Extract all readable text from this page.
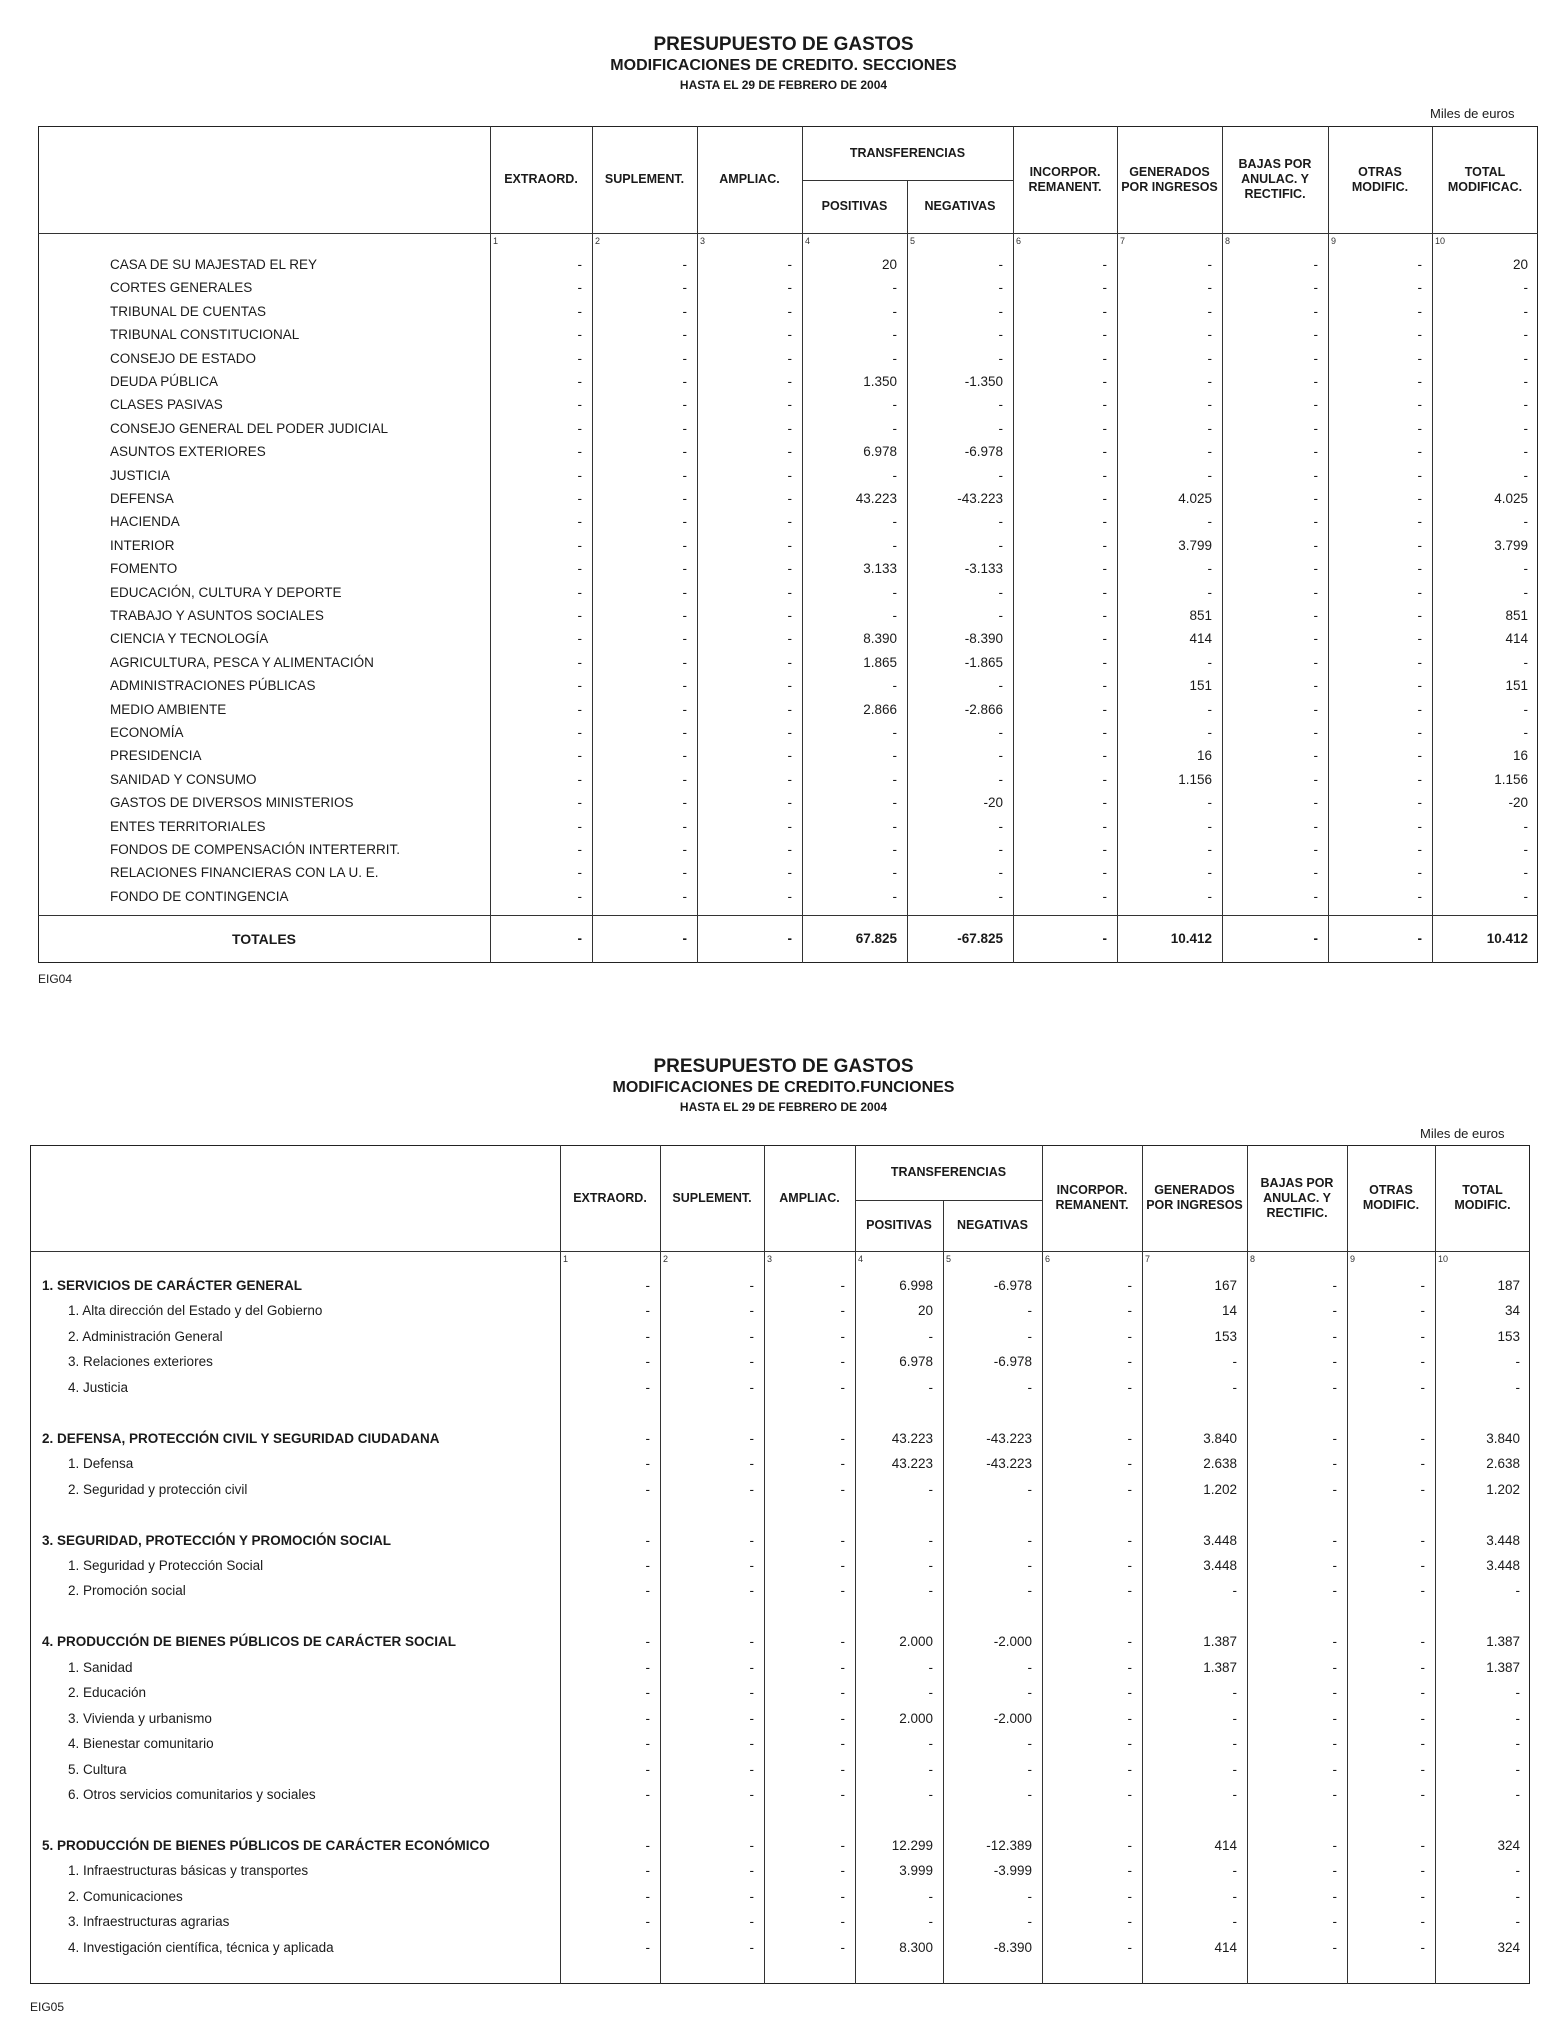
PRESUPUESTO DE GASTOS
MODIFICACIONES DE CREDITO. SECCIONES
HASTA EL 29 DE FEBRERO DE 2004
Miles de euros
EXTRAORD.	SUPLEMENT.	AMPLIAC.
TRANSFERENCIAS
POSITIVAS	NEGATIVAS
INCORPOR. REMANENT.
GENERADOS POR INGRESOS
BAJAS POR ANULAC. Y RECTIFIC.
OTRAS MODIFIC.
TOTAL MODIFICAC.
1	2	3	4	5	6	7	8	9	10
CASA DE SU MAJESTAD EL REY	-	-	-	20	-	-	-	-	-	20
CORTES GENERALES	-	-	-	-	-	-	-	-	-	-
TRIBUNAL DE CUENTAS	-	-	-	-	-	-	-	-	-	-
TRIBUNAL CONSTITUCIONAL	-	-	-	-	-	-	-	-	-	-
CONSEJO DE ESTADO	-	-	-	-	-	-	-	-	-	-
DEUDA PÚBLICA	-	-	-	1.350	-1.350	-	-	-	-	-
CLASES PASIVAS	-	-	-	-	-	-	-	-	-	-
CONSEJO GENERAL DEL PODER JUDICIAL	-	-	-	-	-	-	-	-	-	-
ASUNTOS EXTERIORES	-	-	-	6.978	-6.978	-	-	-	-	-
JUSTICIA	-	-	-	-	-	-	-	-	-	-
DEFENSA	-	-	-	43.223	-43.223	-	4.025	-	-	4.025
HACIENDA	-	-	-	-	-	-	-	-	-	-
INTERIOR	-	-	-	-	-	-	3.799	-	-	3.799
FOMENTO	-	-	-	3.133	-3.133	-	-	-	-	-
EDUCACIÓN, CULTURA Y DEPORTE	-	-	-	-	-	-	-	-	-	-
TRABAJO Y ASUNTOS SOCIALES	-	-	-	-	-	-	851	-	-	851
CIENCIA Y TECNOLOGÍA	-	-	-	8.390	-8.390	-	414	-	-	414
AGRICULTURA, PESCA Y ALIMENTACIÓN	-	-	-	1.865	-1.865	-	-	-	-	-
ADMINISTRACIONES PÚBLICAS	-	-	-	-	-	-	151	-	-	151
MEDIO AMBIENTE	-	-	-	2.866	-2.866	-	-	-	-	-
ECONOMÍA	-	-	-	-	-	-	-	-	-	-
PRESIDENCIA	-	-	-	-	-	-	16	-	-	16
SANIDAD Y CONSUMO	-	-	-	-	-	-	1.156	-	-	1.156
GASTOS DE DIVERSOS MINISTERIOS	-	-	-	-	-20	-	-	-	-	-20
ENTES TERRITORIALES	-	-	-	-	-	-	-	-	-	-
FONDOS DE COMPENSACIÓN INTERTERRIT.	-	-	-	-	-	-	-	-	-	-
RELACIONES FINANCIERAS CON LA U. E.	-	-	-	-	-	-	-	-	-	-
FONDO DE CONTINGENCIA	-	-	-	-	-	-	-	-	-	-
TOTALES	-	-	-	67.825	-67.825	-	10.412	-	-	10.412
EIG04
PRESUPUESTO DE GASTOS
MODIFICACIONES DE CREDITO.FUNCIONES
HASTA EL 29 DE FEBRERO DE 2004
Miles de euros
EXTRAORD.	SUPLEMENT.	AMPLIAC.
TRANSFERENCIAS
POSITIVAS	NEGATIVAS
INCORPOR. REMANENT.
GENERADOS POR INGRESOS
BAJAS POR ANULAC. Y RECTIFIC.
OTRAS MODIFIC.
TOTAL MODIFIC.
1	2	3	4	5	6	7	8	9	10
1. SERVICIOS DE CARÁCTER GENERAL	-	-	-	6.998	-6.978	-	167	-	-	187
1. Alta dirección del Estado y del Gobierno	-	-	-	20	-	-	14	-	-	34
2. Administración General	-	-	-	-	-	-	153	-	-	153
3. Relaciones exteriores	-	-	-	6.978	-6.978	-	-	-	-	-
4. Justicia	-	-	-	-	-	-	-	-	-	-
2. DEFENSA, PROTECCIÓN CIVIL Y SEGURIDAD CIUDADANA	-	-	-	43.223	-43.223	-	3.840	-	-	3.840
1. Defensa	-	-	-	43.223	-43.223	-	2.638	-	-	2.638
2. Seguridad y protección civil	-	-	-	-	-	-	1.202	-	-	1.202
3. SEGURIDAD, PROTECCIÓN Y PROMOCIÓN SOCIAL	-	-	-	-	-	-	3.448	-	-	3.448
1. Seguridad y Protección Social	-	-	-	-	-	-	3.448	-	-	3.448
2. Promoción social	-	-	-	-	-	-	-	-	-	-
4. PRODUCCIÓN DE BIENES PÚBLICOS DE CARÁCTER SOCIAL	-	-	-	2.000	-2.000	-	1.387	-	-	1.387
1. Sanidad	-	-	-	-	-	-	1.387	-	-	1.387
2. Educación	-	-	-	-	-	-	-	-	-	-
3. Vivienda y urbanismo	-	-	-	2.000	-2.000	-	-	-	-	-
4. Bienestar comunitario	-	-	-	-	-	-	-	-	-	-
5. Cultura	-	-	-	-	-	-	-	-	-	-
6. Otros servicios comunitarios y sociales	-	-	-	-	-	-	-	-	-	-
5. PRODUCCIÓN DE BIENES PÚBLICOS DE CARÁCTER ECONÓMICO	-	-	-	12.299	-12.389	-	414	-	-	324
1. Infraestructuras básicas y transportes	-	-	-	3.999	-3.999	-	-	-	-	-
2. Comunicaciones	-	-	-	-	-	-	-	-	-	-
3. Infraestructuras agrarias	-	-	-	-	-	-	-	-	-	-
4. Investigación científica, técnica y aplicada	-	-	-	8.300	-8.390	-	414	-	-	324
EIG05
